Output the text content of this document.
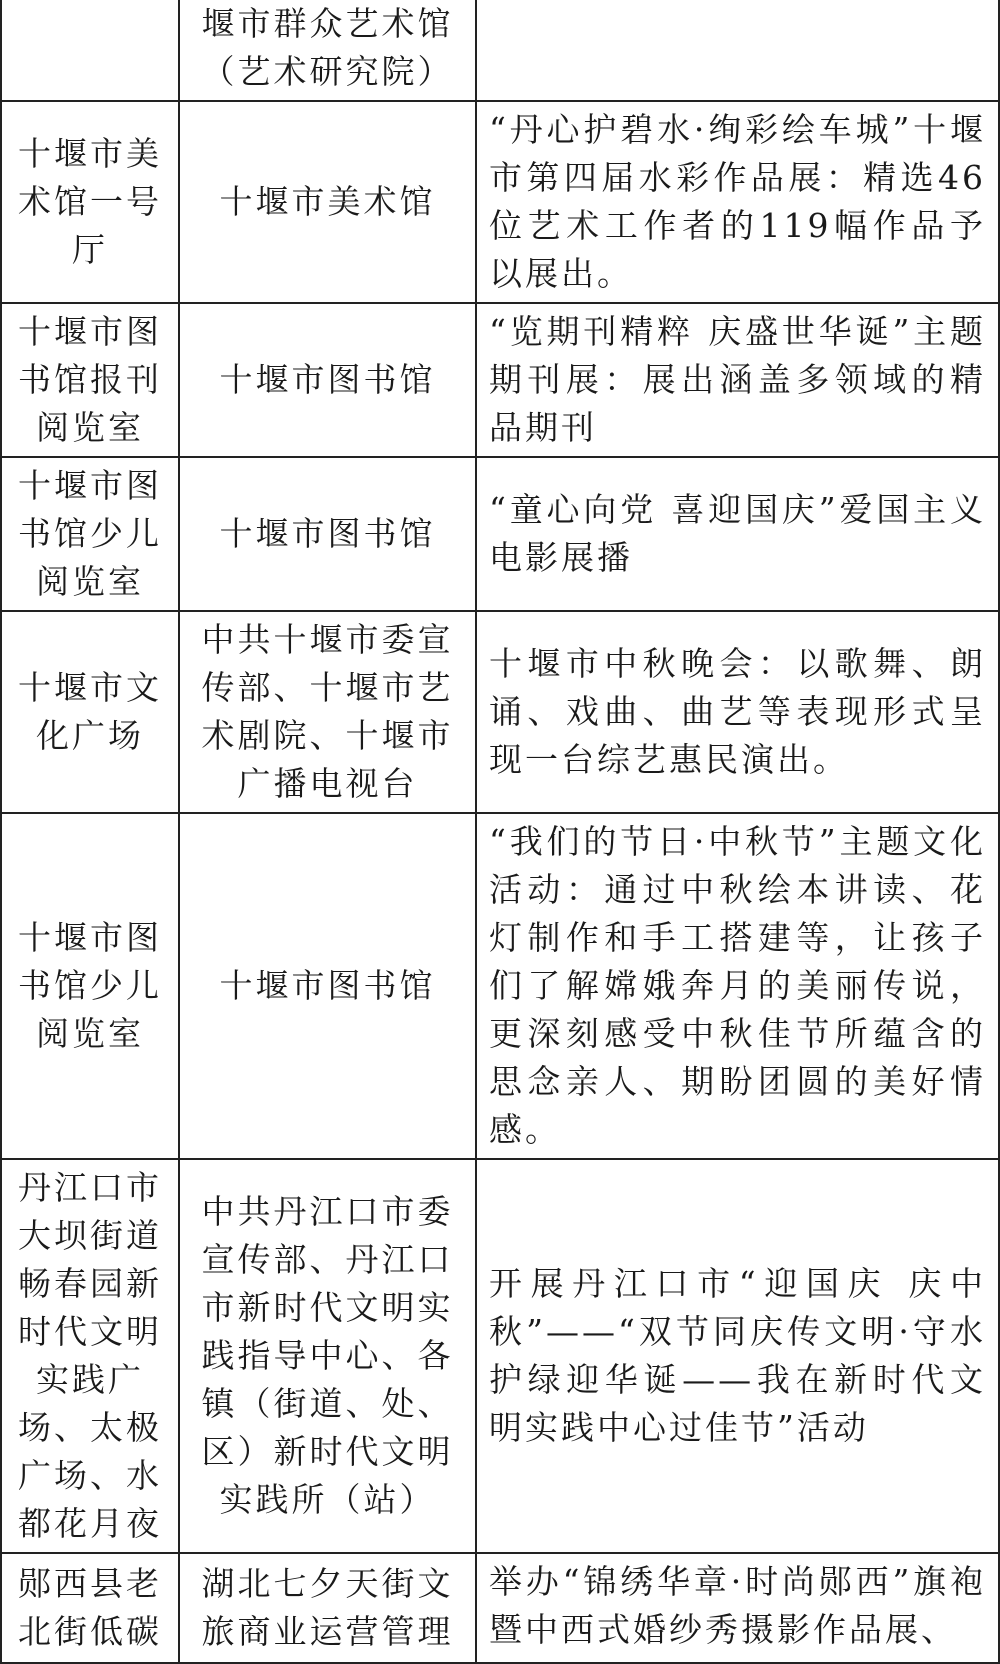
	堰市群众艺术馆（艺术研究院）	
十堰市美术馆一号厅	十堰市美术馆	“丹心护碧水·绚彩绘车城”十堰市第四届水彩作品展：精选46位艺术工作者的119幅作品予以展出。
十堰市图书馆报刊阅览室	十堰市图书馆	“览期刊精粹 庆盛世华诞”主题期刊展：展出涵盖多领域的精品期刊
十堰市图书馆少儿阅览室	十堰市图书馆	“童心向党 喜迎国庆”爱国主义电影展播
十堰市文化广场	中共十堰市委宣传部、十堰市艺术剧院、十堰市广播电视台	十堰市中秋晚会：以歌舞、朗诵、戏曲、曲艺等表现形式呈现一台综艺惠民演出。
十堰市图书馆少儿阅览室	十堰市图书馆	“我们的节日·中秋节”主题文化活动：通过中秋绘本讲读、花灯制作和手工搭建等，让孩子们了解嫦娥奔月的美丽传说，更深刻感受中秋佳节所蕴含的思念亲人、期盼团圆的美好情感。
丹江口市大坝街道畅春园新时代文明实践广场、太极广场、水都花月夜	中共丹江口市委宣传部、丹江口市新时代文明实践指导中心、各镇（街道、处、区）新时代文明实践所（站）	开展丹江口市“迎国庆 庆中秋”——“双节同庆传文明·守水护绿迎华诞——我在新时代文明实践中心过佳节”活动
郧西县老北街低碳	湖北七夕天街文旅商业运营管理	举办“锦绣华章·时尚郧西”旗袍暨中西式婚纱秀摄影作品展、
